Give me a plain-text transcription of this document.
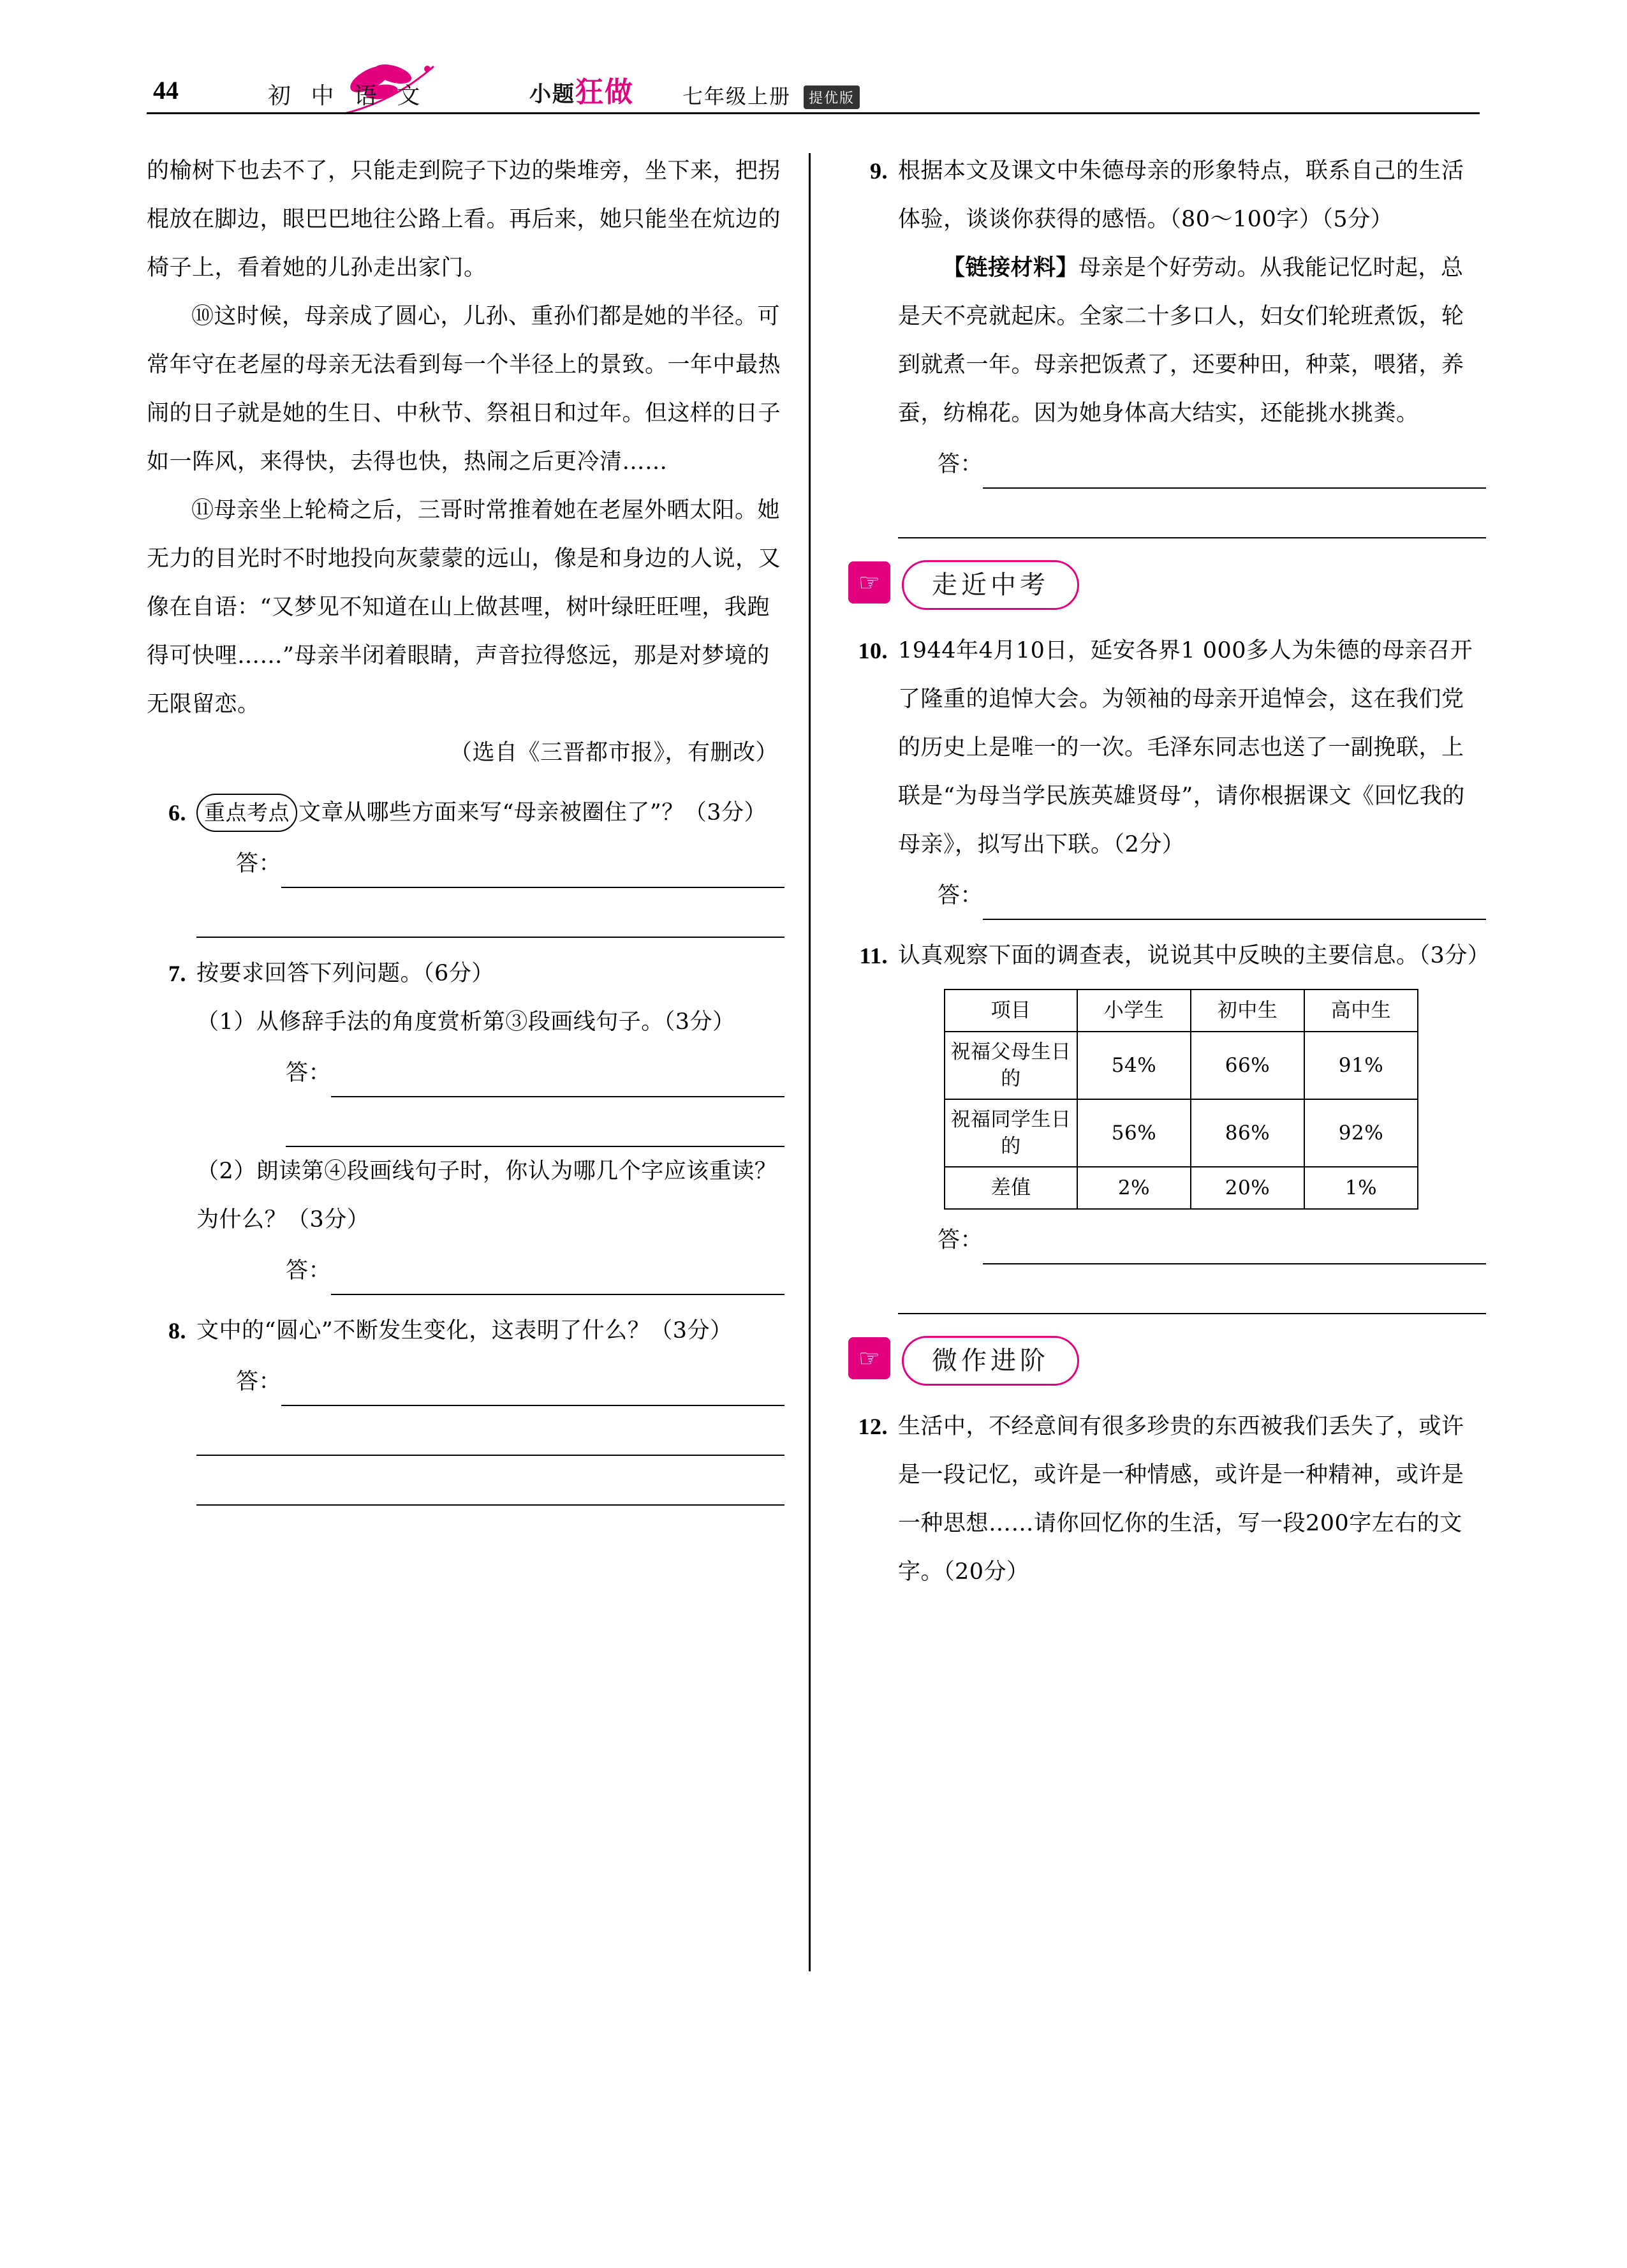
44	初 中 语 文	小题狂做 七年级上册	提优版

的榆树下也去不了，只能走到院子下边的柴堆旁，坐下来，把拐棍放在脚边，眼巴巴地往公路上看。再后来，她只能坐在炕边的椅子上，看着她的儿孙走出家门。

⑩这时候，母亲成了圆心，儿孙、重孙们都是她的半径。可常年守在老屋的母亲无法看到每一个半径上的景致。一年中最热闹的日子就是她的生日、中秋节、祭祖日和过年。但这样的日子如一阵风，来得快，去得也快，热闹之后更冷清……

⑪母亲坐上轮椅之后，三哥时常推着她在老屋外晒太阳。她无力的目光时不时地投向灰蒙蒙的远山，像是和身边的人说，又像在自语：“又梦见不知道在山上做甚哩，树叶绿旺旺哩，我跑得可快哩……”母亲半闭着眼睛，声音拉得悠远，那是对梦境的无限留恋。

（选自《三晋都市报》，有删改）

6. 重点考点 文章从哪些方面来写“母亲被圈住了”？（3分）
答：
7. 按要求回答下列问题。（6分）

（1）从修辞手法的角度赏析第③段画线句子。（3分）

答：

（2）朗读第④段画线句子时，你认为哪几个字应该重读？为什么？（3分）

答：
8. 文中的“圆心”不断发生变化，这表明了什么？（3分）
答：
9. 根据本文及课文中朱德母亲的形象特点，联系自己的生活体验，谈谈你获得的感悟。（80～100字）（5分）
【链接材料】母亲是个好劳动。从我能记忆时起，总是天不亮就起床。全家二十多口人，妇女们轮班煮饭，轮到就煮一年。母亲把饭煮了，还要种田，种菜，喂猪，养蚕，纺棉花。因为她身体高大结实，还能挑水挑粪。
答：
☞	走近中考
10. 1944年4月10日，延安各界1 000多人为朱德的母亲召开了隆重的追悼大会。为领袖的母亲开追悼会，这在我们党的历史上是唯一的一次。毛泽东同志也送了一副挽联，上联是“为母当学民族英雄贤母”，请你根据课文《回忆我的母亲》，拟写出下联。（2分）
答：
11. 认真观察下面的调查表，说说其中反映的主要信息。（3分）
项目	小学生	初中生	高中生
祝福父母生日的	54%	66%	91%
祝福同学生日的	56%	86%	92%
差值	2%	20%	1%
答：
☞	微作进阶
12. 生活中，不经意间有很多珍贵的东西被我们丢失了，或许是一段记忆，或许是一种情感，或许是一种精神，或许是一种思想……请你回忆你的生活，写一段200字左右的文字。（20分）
